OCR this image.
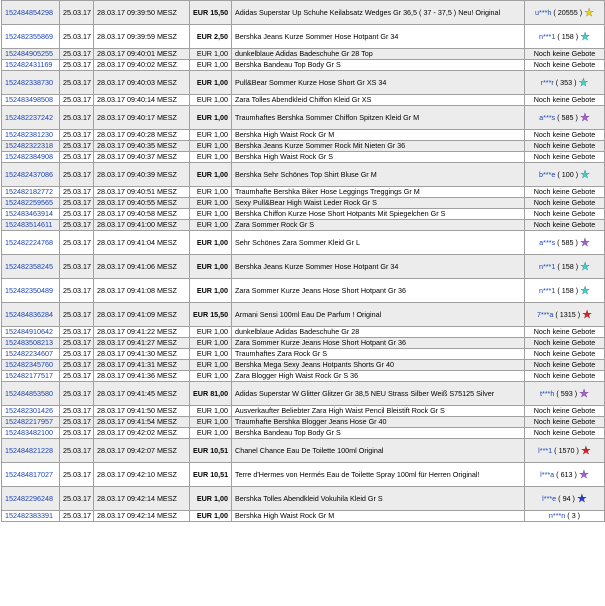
152484854298	25.03.17	28.03.17 09:39:50 MESZ	EUR 15,50	Adidas Superstar Up Schuhe Keilabsatz Wedges Gr 36,5 ( 37 - 37,5 ) Neu! Original	u***h ( 20555 ) ★
152482355869	25.03.17	28.03.17 09:39:59 MESZ	EUR 2,50	Bershka Jeans Kurze Sommer Hose Hotpant Gr 34	n***1 ( 158 ) ★
152484905255	25.03.17	28.03.17 09:40:01 MESZ	EUR 1,00	dunkelblaue Adidas Badeschuhe Gr 28 Top	Noch keine Gebote
152482431169	25.03.17	28.03.17 09:40:02 MESZ	EUR 1,00	Bershka Bandeau Top Body Gr S	Noch keine Gebote
152482338730	25.03.17	28.03.17 09:40:03 MESZ	EUR 1,00	Pull&Bear Sommer Kurze Hose Short Gr XS 34	r***r ( 353 ) ★
152483498508	25.03.17	28.03.17 09:40:14 MESZ	EUR 1,00	Zara Tolles Abendkleid Chiffon Kleid Gr XS	Noch keine Gebote
152482237242	25.03.17	28.03.17 09:40:17 MESZ	EUR 1,00	Traumhaftes Bershka Sommer Chiffon Spitzen Kleid Gr M	a***s ( 585 ) ★
152482381230	25.03.17	28.03.17 09:40:28 MESZ	EUR 1,00	Bershka High Waist Rock Gr M	Noch keine Gebote
152482322318	25.03.17	28.03.17 09:40:35 MESZ	EUR 1,00	Bershka Jeans Kurze Sommer Rock Mit Nieten Gr 36	Noch keine Gebote
152482384908	25.03.17	28.03.17 09:40:37 MESZ	EUR 1,00	Bershka High Waist Rock Gr S	Noch keine Gebote
152482437086	25.03.17	28.03.17 09:40:39 MESZ	EUR 1,00	Bershka Sehr Schönes Top Shirt Bluse Gr M	b***e ( 100 ) ★
152482182772	25.03.17	28.03.17 09:40:51 MESZ	EUR 1,00	Traumhafte Bershka Biker Hose Leggings Treggings Gr M	Noch keine Gebote
152482259565	25.03.17	28.03.17 09:40:55 MESZ	EUR 1,00	Sexy Pull&Bear High Waist Leder Rock Gr S	Noch keine Gebote
152483463914	25.03.17	28.03.17 09:40:58 MESZ	EUR 1,00	Bershka Chiffon Kurze Hose Short Hotpants Mit Spiegelchen Gr S	Noch keine Gebote
152483514611	25.03.17	28.03.17 09:41:00 MESZ	EUR 1,00	Zara Sommer Rock Gr S	Noch keine Gebote
152482224768	25.03.17	28.03.17 09:41:04 MESZ	EUR 1,00	Sehr Schönes Zara Sommer Kleid Gr L	a***s ( 585 ) ★
152482358245	25.03.17	28.03.17 09:41:06 MESZ	EUR 1,00	Bershka Jeans Kurze Sommer Hose Hotpant Gr 34	n***1 ( 158 ) ★
152482350489	25.03.17	28.03.17 09:41:08 MESZ	EUR 1,00	Zara Sommer Kurze Jeans Hose Short Hotpant Gr 36	n***1 ( 158 ) ★
152484836284	25.03.17	28.03.17 09:41:09 MESZ	EUR 15,50	Armani Sensi 100ml Eau De Parfum ! Original	7***a ( 1315 ) ★
152484910642	25.03.17	28.03.17 09:41:22 MESZ	EUR 1,00	dunkelblaue Adidas Badeschuhe Gr 28	Noch keine Gebote
152483508213	25.03.17	28.03.17 09:41:27 MESZ	EUR 1,00	Zara Sommer Kurze Jeans Hose Short Hotpant Gr 36	Noch keine Gebote
152482234607	25.03.17	28.03.17 09:41:30 MESZ	EUR 1,00	Traumhaftes Zara Rock Gr S	Noch keine Gebote
152482345760	25.03.17	28.03.17 09:41:31 MESZ	EUR 1,00	Bershka Mega Sexy Jeans Hotpants Shorts Gr 40	Noch keine Gebote
152482177517	25.03.17	28.03.17 09:41:36 MESZ	EUR 1,00	Zara Blogger High Waist Rock Gr S 36	Noch keine Gebote
152484853580	25.03.17	28.03.17 09:41:45 MESZ	EUR 81,00	Adidas Superstar W Glitter Glitzer Gr 38,5 NEU Strass Silber Weiß S75125 Silver	t***h ( 593 ) ★
152482301426	25.03.17	28.03.17 09:41:50 MESZ	EUR 1,00	Ausverkaufter Beliebter Zara High Waist Pencil Bleistift Rock Gr S	Noch keine Gebote
152482217957	25.03.17	28.03.17 09:41:54 MESZ	EUR 1,00	Traumhafte Bershka Blogger Jeans Hose Gr 40	Noch keine Gebote
152483482100	25.03.17	28.03.17 09:42:02 MESZ	EUR 1,00	Bershka Bandeau Top Body Gr S	Noch keine Gebote
152484821228	25.03.17	28.03.17 09:42:07 MESZ	EUR 10,51	Chanel Chance Eau De Toilette 100ml Original	l***1 ( 1570 ) ★
152484817027	25.03.17	28.03.17 09:42:10 MESZ	EUR 10,51	Terre d'Hermes von Hermés Eau de Toilette Spray 100ml für Herren Original!	l***a ( 613 ) ★
152482296248	25.03.17	28.03.17 09:42:14 MESZ	EUR 1,00	Bershka Tolles Abendkleid Vokuhila Kleid Gr S	l***e ( 94 ) ★
152482383391	25.03.17	28.03.17 09:42:14 MESZ	EUR 1,00	Bershka High Waist Rock Gr M	n***n ( 3 )
